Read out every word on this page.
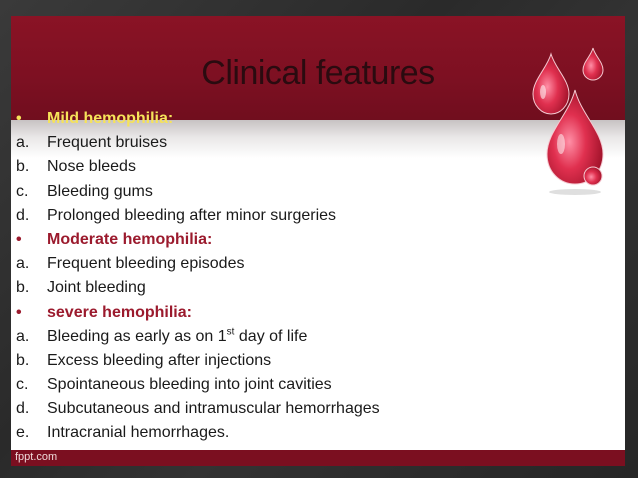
Clinical features
• Mild hemophilia:
a. Frequent bruises
b. Nose bleeds
c. Bleeding gums
d. Prolonged bleeding after minor surgeries
• Moderate hemophilia:
a. Frequent bleeding episodes
b. Joint bleeding
• severe hemophilia:
a. Bleeding as early as on 1st day of life
b. Excess bleeding after injections
c. Spointaneous bleeding into joint cavities
d. Subcutaneous and intramuscular hemorrhages
e. Intracranial hemorrhages.
fppt.com
